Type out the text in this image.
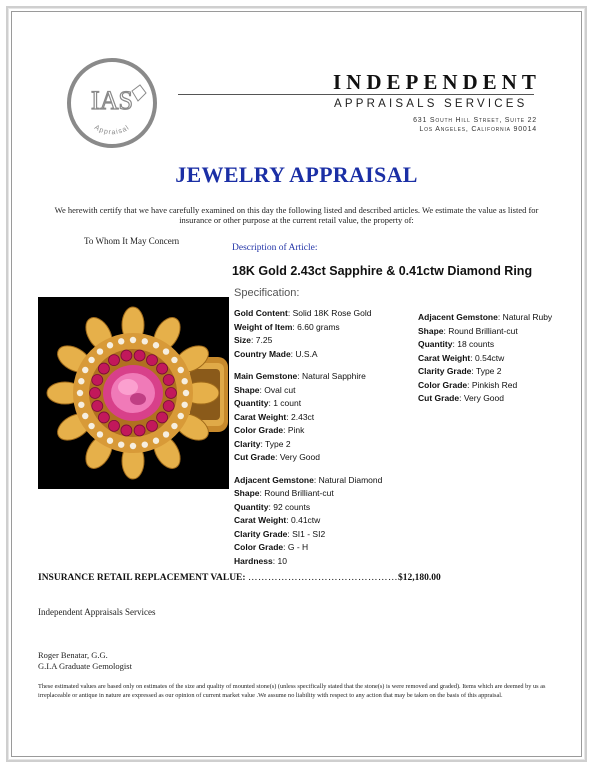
IAS
Appraisal
INDEPENDENT
APPRAISALS SERVICES
631 South Hill Street, Suite 22
Los Angeles, California 90014
JEWELRY APPRAISAL
We herewith certify that we have carefully examined on this day the following listed and described articles. We estimate the value as listed for insurance or other purpose at the current retail value, the property of:
To Whom It May Concern
Description of Article:
18K Gold 2.43ct Sapphire & 0.41ctw Diamond Ring
Specification:
Gold Content: Solid 18K Rose Gold
Weight of Item: 6.60 grams
Size: 7.25
Country Made: U.S.A
Main Gemstone: Natural Sapphire
Shape: Oval cut
Quantity: 1 count
Carat Weight: 2.43ct
Color Grade: Pink
Clarity: Type 2
Cut Grade: Very Good
Adjacent Gemstone: Natural Diamond
Shape: Round Brilliant-cut
Quantity: 92 counts
Carat Weight: 0.41ctw
Clarity Grade: SI1 - SI2
Color Grade: G - H
Hardness: 10
Adjacent Gemstone: Natural Ruby
Shape: Round Brilliant-cut
Quantity: 18 counts
Carat Weight: 0.54ctw
Clarity Grade: Type 2
Color Grade: Pinkish Red
Cut Grade: Very Good
INSURANCE RETAIL REPLACEMENT VALUE: ………………………………………$12,180.00
Independent Appraisals Services
Roger Benatar, G.G.
G.I.A Graduate Gemologist
These estimated values are based only on estimates of the size and quality of mounted stone(s) (unless specifically stated that the stone(s) is were removed and graded). Items which are deemed by us as irreplaceable or antique in nature are expressed as our opinion of current market value .We assume no liability with respect to any action that may be taken on the basis of this appraisal.
